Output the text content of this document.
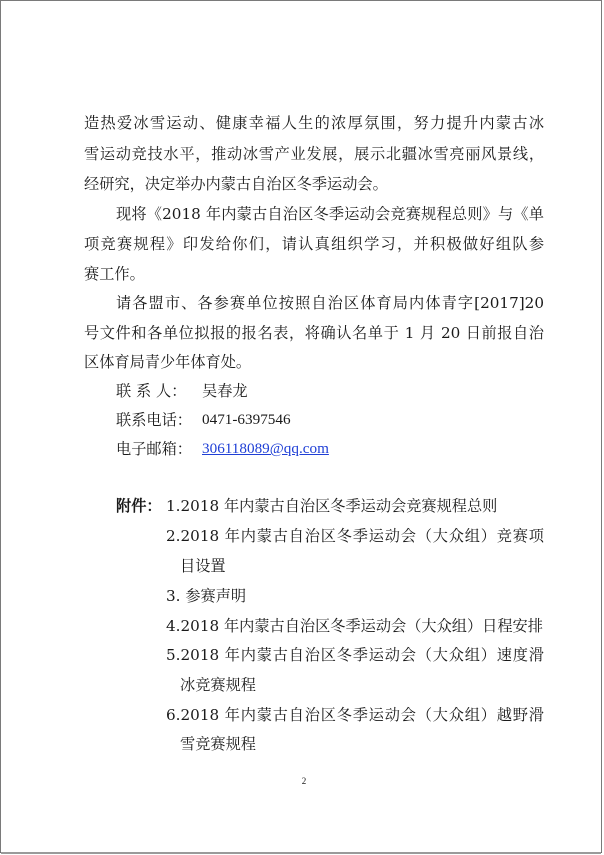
造热爱冰雪运动、健康幸福人生的浓厚氛围，努力提升内蒙古冰
雪运动竞技水平，推动冰雪产业发展，展示北疆冰雪亮丽风景线，
经研究，决定举办内蒙古自治区冬季运动会。
现将《2018 年内蒙古自治区冬季运动会竞赛规程总则》与《单
项竞赛规程》印发给你们，请认真组织学习，并积极做好组队参
赛工作。
请各盟市、各参赛单位按照自治区体育局内体青字[2017]20
号文件和各单位拟报的报名表，将确认名单于 1 月 20 日前报自治
区体育局青少年体育处。
联 系 人：	吴春龙
联系电话： 0471-6397546
电子邮箱： 306118089@qq.com
附件： 1.2018 年内蒙古自治区冬季运动会竞赛规程总则
2.2018 年内蒙古自治区冬季运动会（大众组）竞赛项
目设置
3. 参赛声明
4.2018 年内蒙古自治区冬季运动会（大众组）日程安排
5.2018 年内蒙古自治区冬季运动会（大众组）速度滑
冰竞赛规程
6.2018 年内蒙古自治区冬季运动会（大众组）越野滑
雪竞赛规程
2
